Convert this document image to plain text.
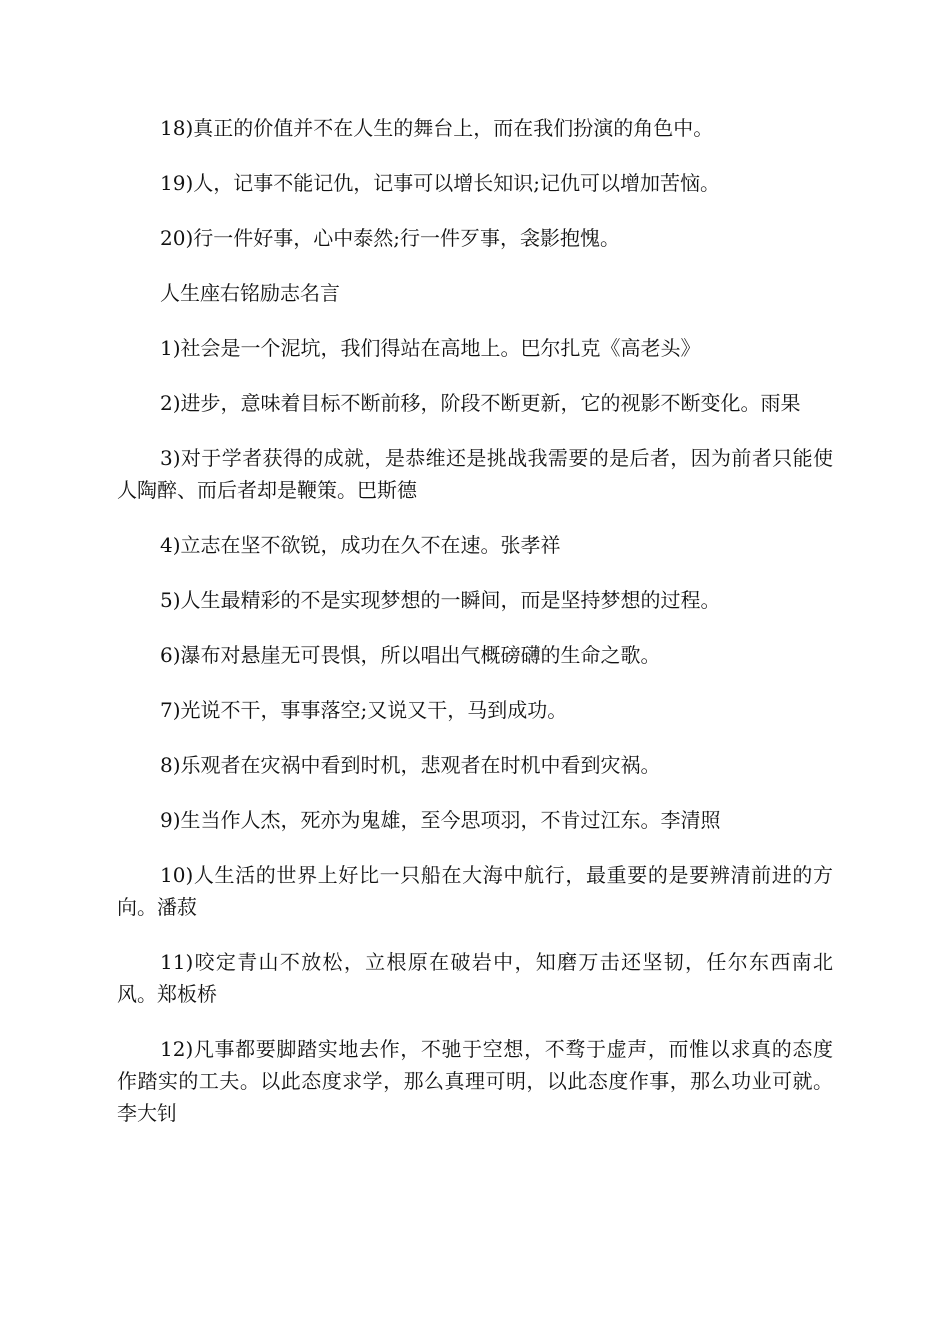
18)真正的价值并不在人生的舞台上，而在我们扮演的角色中。

19)人，记事不能记仇，记事可以增长知识;记仇可以增加苦恼。

20)行一件好事，心中泰然;行一件歹事，衾影抱愧。

人生座右铭励志名言

1)社会是一个泥坑，我们得站在高地上。巴尔扎克《高老头》

2)进步，意味着目标不断前移，阶段不断更新，它的视影不断变化。雨果

3)对于学者获得的成就，是恭维还是挑战我需要的是后者，因为前者只能使人陶醉、而后者却是鞭策。巴斯德

4)立志在坚不欲锐，成功在久不在速。张孝祥

5)人生最精彩的不是实现梦想的一瞬间，而是坚持梦想的过程。

6)瀑布对悬崖无可畏惧，所以唱出气概磅礴的生命之歌。

7)光说不干，事事落空;又说又干，马到成功。

8)乐观者在灾祸中看到时机，悲观者在时机中看到灾祸。

9)生当作人杰，死亦为鬼雄，至今思项羽，不肯过江东。李清照

10)人生活的世界上好比一只船在大海中航行，最重要的是要辨清前进的方向。潘菽

11)咬定青山不放松，立根原在破岩中，知磨万击还坚韧，任尔东西南北风。郑板桥

12)凡事都要脚踏实地去作，不驰于空想，不骛于虚声，而惟以求真的态度作踏实的工夫。以此态度求学，那么真理可明，以此态度作事，那么功业可就。李大钊
